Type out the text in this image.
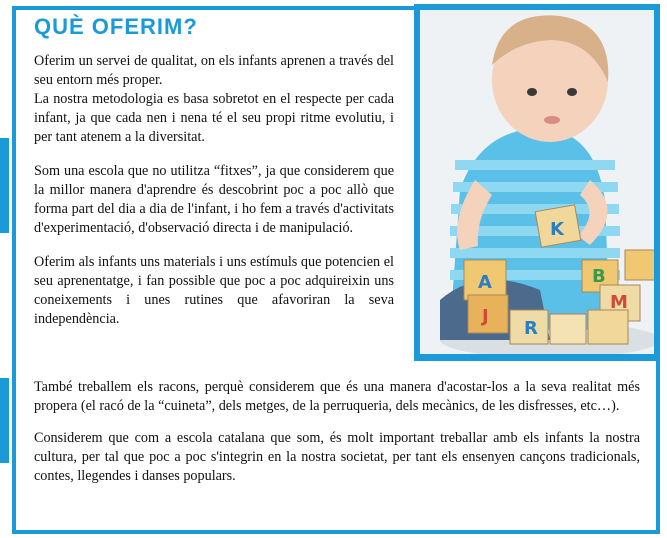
QUÈ OFERIM?

Oferim un servei de qualitat, on els infants aprenen a través del seu entorn més proper.

La nostra metodologia es basa sobretot en el respecte per cada infant, ja que cada nen i nena té el seu propi ritme evolutiu, i per tant atenem a la diversitat.

Som una escola que no utilitza “fitxes”, ja que considerem que la millor manera d'aprendre és descobrint poc a poc allò que forma part del dia a dia de l'infant, i ho fem a través d'activitats d'experimentació, d'observació directa i de manipulació.

Oferim als infants uns materials i uns estímuls que potencien el seu aprenentatge, i fan possible que poc a poc adquireixin uns coneixements i unes rutines que afavoriran la seva independència.

A
J
K
B
M
R

També treballem els racons, perquè considerem que és una manera d'acostar-los a la seva realitat més propera (el racó de la “cuineta”, dels metges, de la perruqueria, dels mecànics, de les disfresses, etc…).

Considerem que com a escola catalana que som, és molt important treballar amb els infants la nostra cultura, per tal que poc a poc s'integrin en la nostra societat, per tant els ensenyen cançons tradicionals, contes, llegendes i danses populars.
